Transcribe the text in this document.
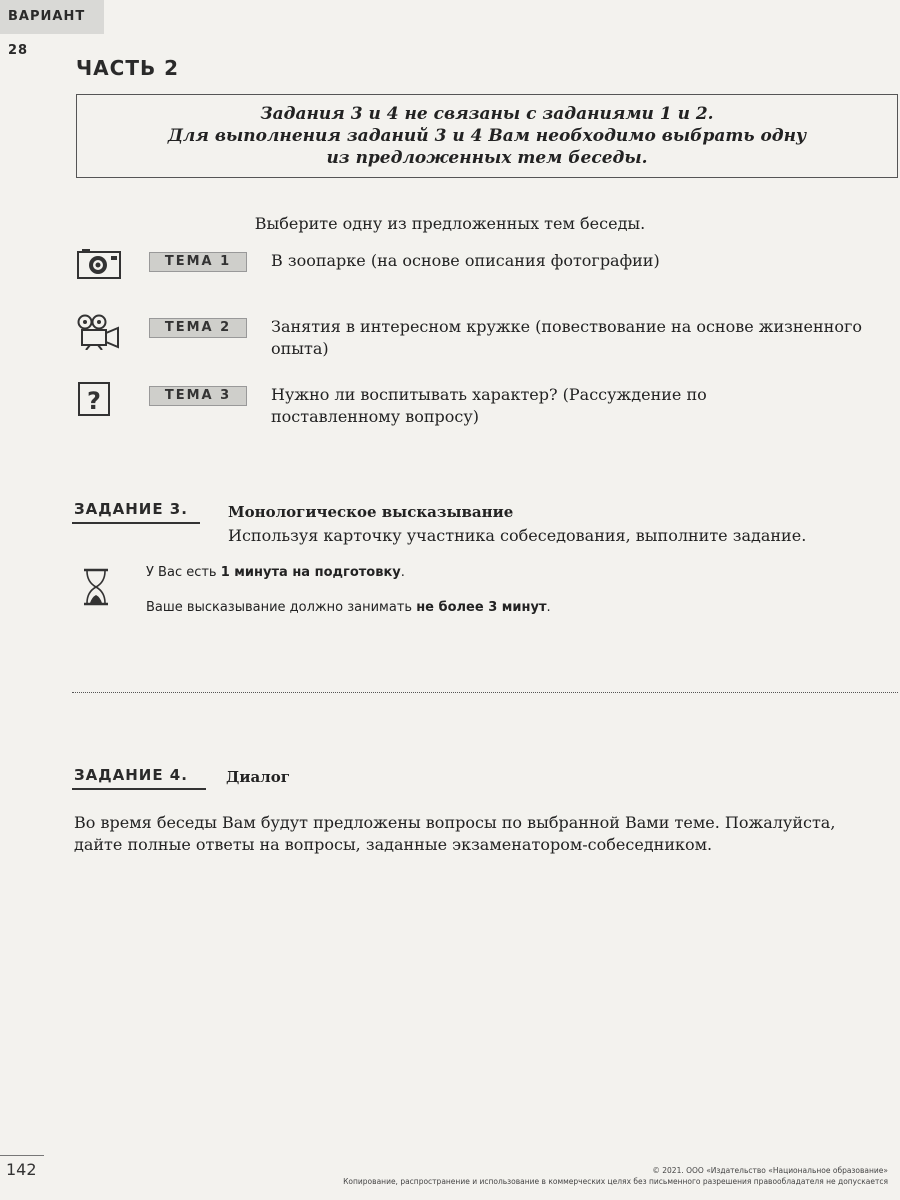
ВАРИАНТ 28
ЧАСТЬ 2
Задания 3 и 4 не связаны с заданиями 1 и 2.
Для выполнения заданий 3 и 4 Вам необходимо выбрать одну
из предложенных тем беседы.
Выберите одну из предложенных тем беседы.
ТЕМА 1	В зоопарке (на основе описания фотографии)
ТЕМА 2	Занятия в интересном кружке (повествование на основе жизненного опыта)
?	ТЕМА 3	Нужно ли воспитывать характер? (Рассуждение по поставленному вопросу)
ЗАДАНИЕ 3.	Монологическое высказывание
Используя карточку участника собеседования, выполните задание.
У Вас есть 1 минута на подготовку.
Ваше высказывание должно занимать не более 3 минут.
ЗАДАНИЕ 4.	Диалог
Во время беседы Вам будут предложены вопросы по выбранной Вами теме. Пожалуйста, дайте полные ответы на вопросы, заданные экзаменатором-собеседником.
142	© 2021. ООО «Издательство «Национальное образование»
Копирование, распространение и использование в коммерческих целях без письменного разрешения правообладателя не допускается
